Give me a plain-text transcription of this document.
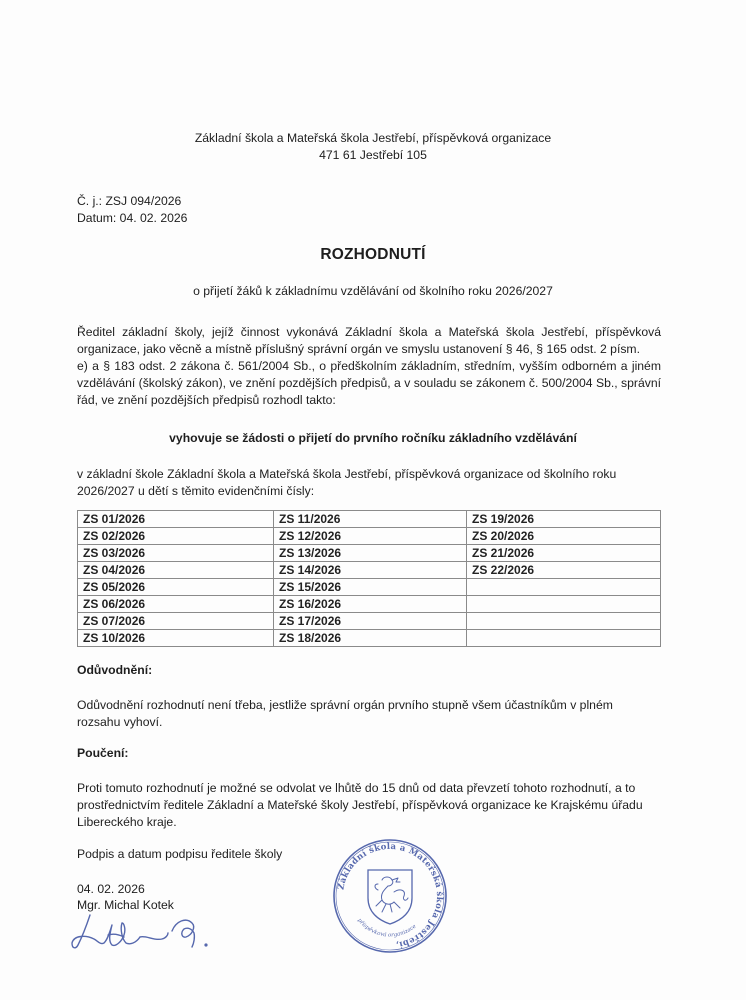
Základní škola a Mateřská škola Jestřebí, příspěvková organizace
471 61 Jestřebí 105
Č. j.: ZSJ 094/2026
Datum: 04. 02. 2026
ROZHODNUTÍ
o přijetí žáků k základnímu vzdělávání od školního roku 2026/2027
Ředitel základní školy, jejíž činnost vykonává Základní škola a Mateřská škola Jestřebí, příspěvková
organizace, jako věcně a místně příslušný správní orgán ve smyslu ustanovení § 46, § 165 odst. 2 písm.
e) a § 183 odst. 2 zákona č. 561/2004 Sb., o předškolním základním, středním, vyšším odborném a jiném
vzdělávání (školský zákon), ve znění pozdějších předpisů, a v souladu se zákonem č. 500/2004 Sb., správní
řád, ve znění pozdějších předpisů rozhodl takto:
vyhovuje se žádosti o přijetí do prvního ročníku základního vzdělávání
v základní škole Základní škola a Mateřská škola Jestřebí, příspěvková organizace od školního roku
2026/2027 u dětí s těmito evidenčními čísly:
ZS 01/2026	ZS 11/2026	ZS 19/2026
ZS 02/2026	ZS 12/2026	ZS 20/2026
ZS 03/2026	ZS 13/2026	ZS 21/2026
ZS 04/2026	ZS 14/2026	ZS 22/2026
ZS 05/2026	ZS 15/2026	
ZS 06/2026	ZS 16/2026	
ZS 07/2026	ZS 17/2026	
ZS 10/2026	ZS 18/2026	
Odůvodnění:
Odůvodnění rozhodnutí není třeba, jestliže správní orgán prvního stupně všem účastníkům v plném
rozsahu vyhoví.
Poučení:
Proti tomuto rozhodnutí je možné se odvolat ve lhůtě do 15 dnů od data převzetí tohoto rozhodnutí, a to
prostřednictvím ředitele Základní a Mateřské školy Jestřebí, příspěvková organizace ke Krajskému úřadu
Libereckého kraje.
Podpis a datum podpisu ředitele školy
04. 02. 2026
Mgr. Michal Kotek
Základní škola a Mateřská škola Jestřebí,
příspěvková organizace
